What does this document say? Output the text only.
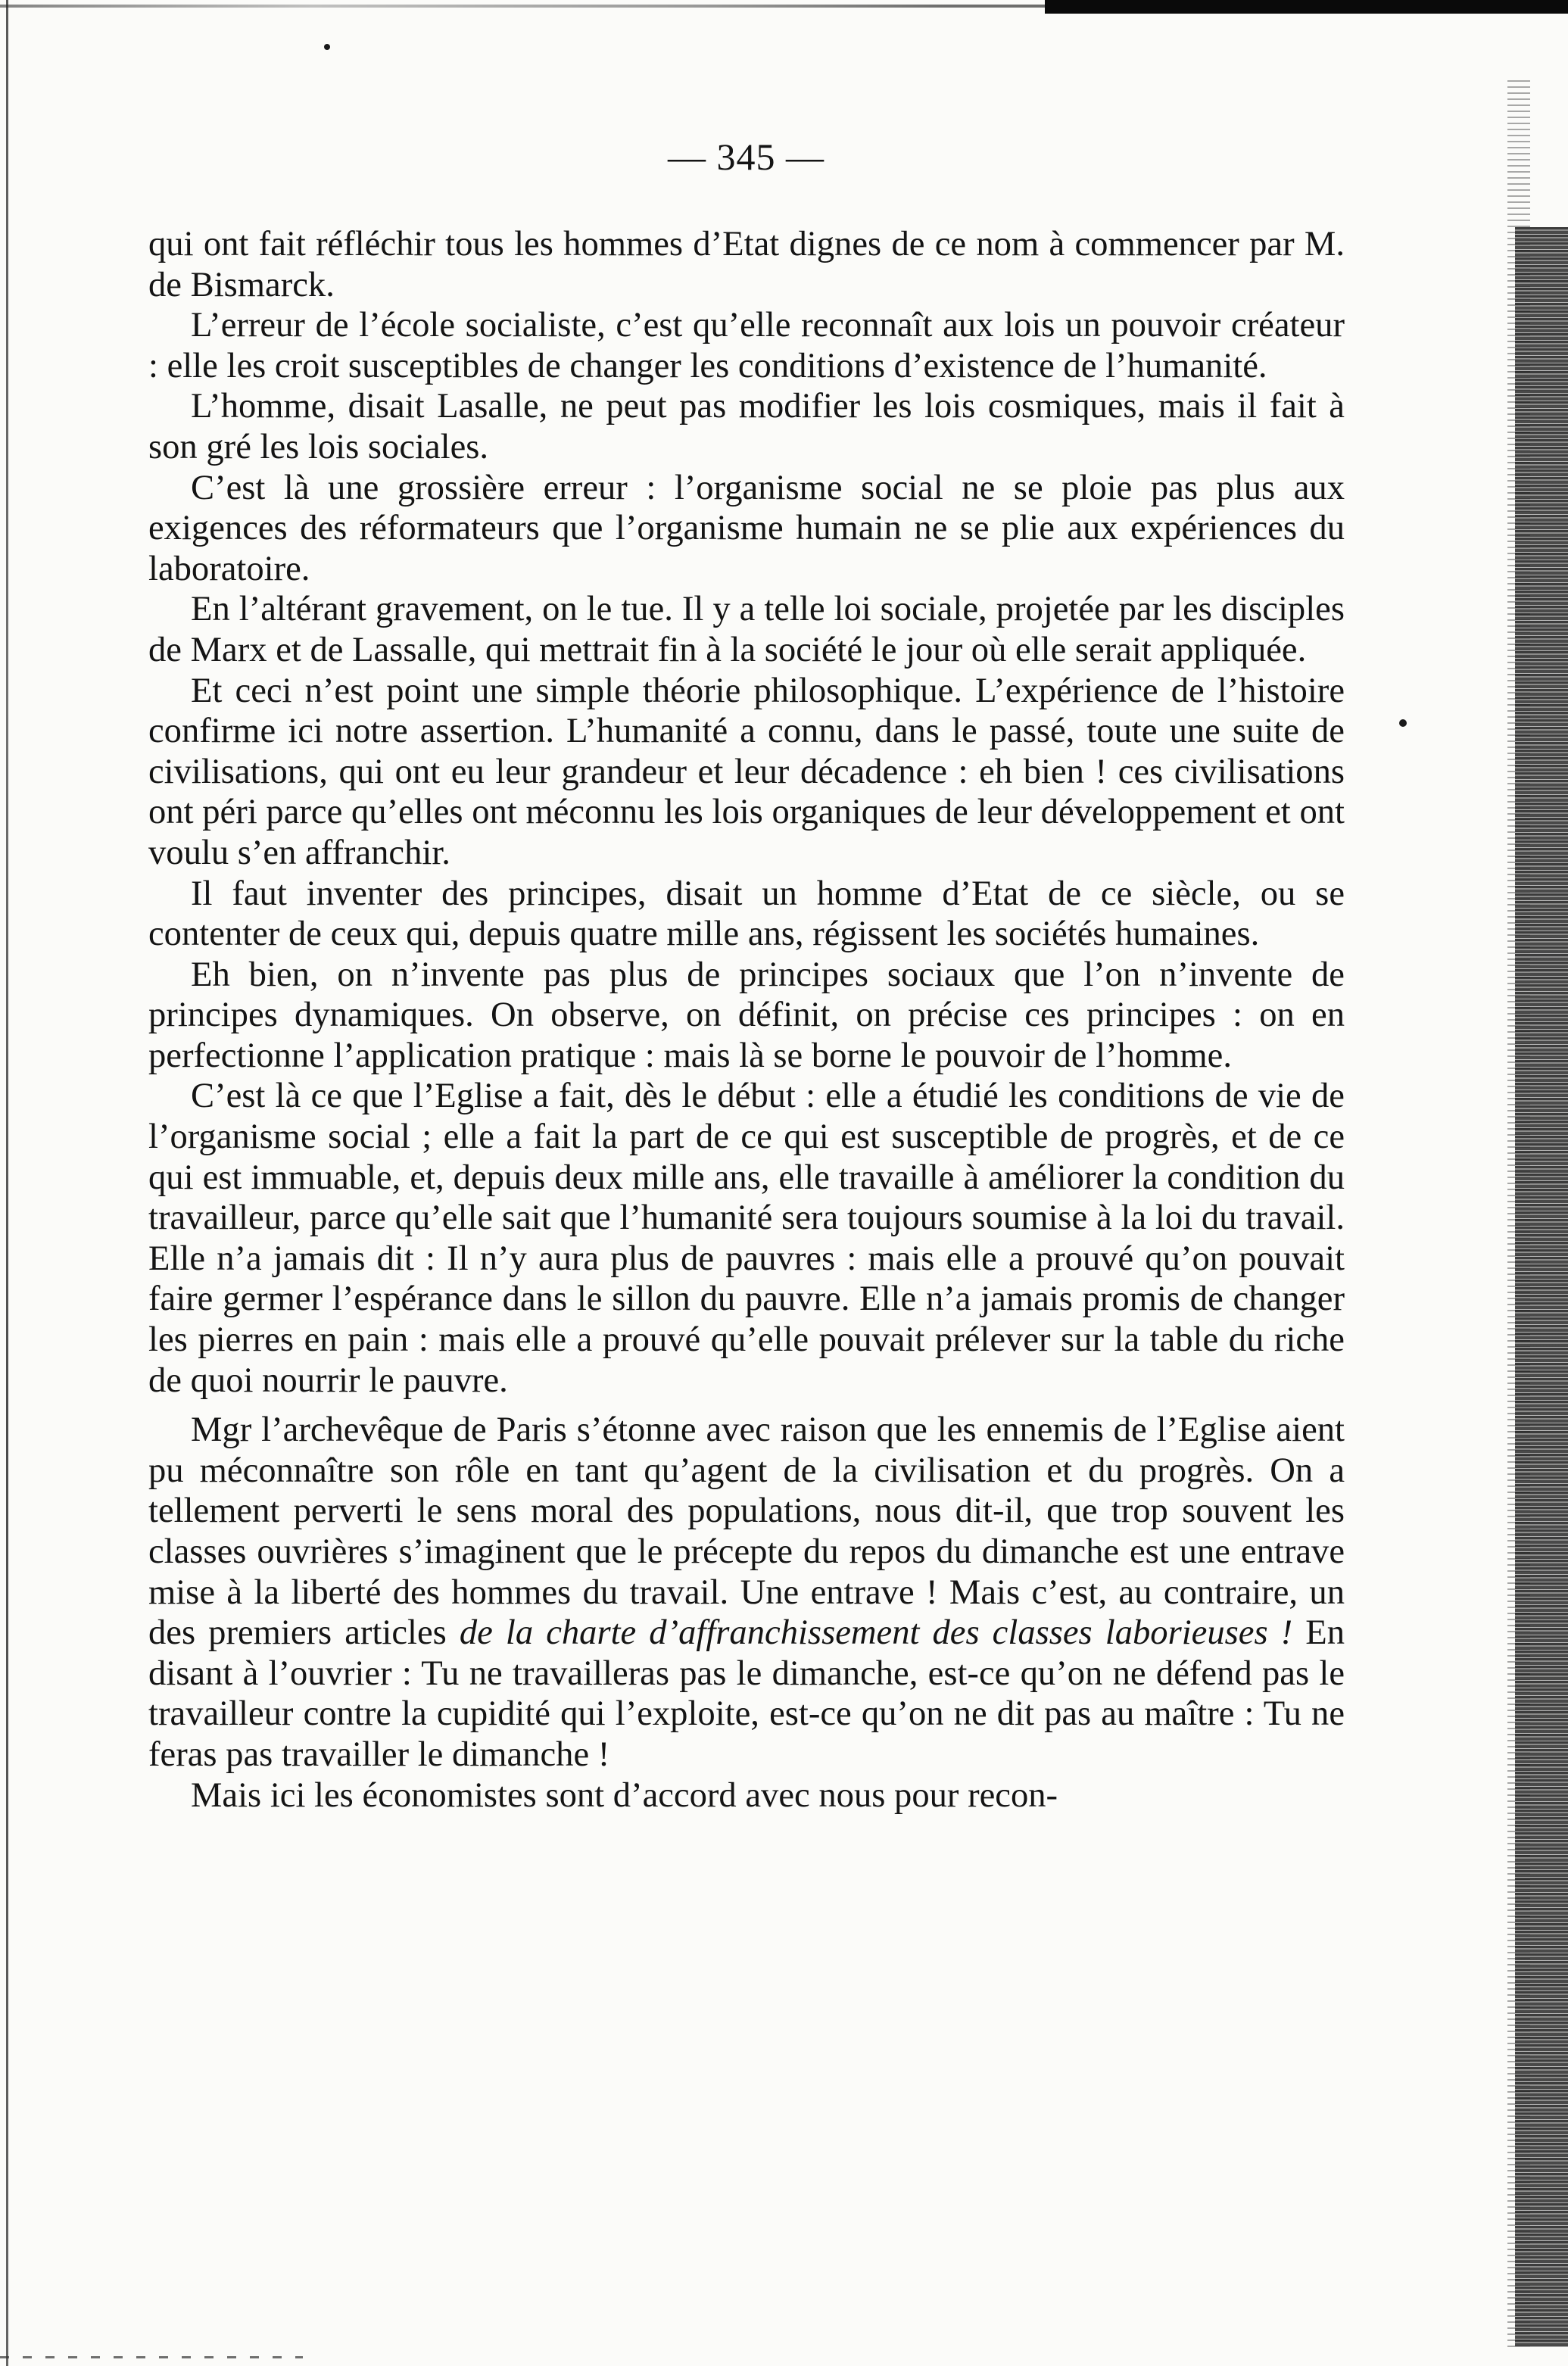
— 345 —

qui ont fait réfléchir tous les hommes d’Etat dignes de ce nom à commencer par M. de Bismarck.

L’erreur de l’école socialiste, c’est qu’elle reconnaît aux lois un pouvoir créateur : elle les croit susceptibles de changer les conditions d’existence de l’humanité.

L’homme, disait Lasalle, ne peut pas modifier les lois cosmiques, mais il fait à son gré les lois sociales.

C’est là une grossière erreur : l’organisme social ne se ploie pas plus aux exigences des réformateurs que l’organisme humain ne se plie aux expériences du laboratoire.

En l’altérant gravement, on le tue. Il y a telle loi sociale, projetée par les disciples de Marx et de Lassalle, qui mettrait fin à la société le jour où elle serait appliquée.

Et ceci n’est point une simple théorie philosophique. L’expérience de l’histoire confirme ici notre assertion. L’humanité a connu, dans le passé, toute une suite de civilisations, qui ont eu leur grandeur et leur décadence : eh bien ! ces civilisations ont péri parce qu’elles ont méconnu les lois organiques de leur développement et ont voulu s’en affranchir.

Il faut inventer des principes, disait un homme d’Etat de ce siècle, ou se contenter de ceux qui, depuis quatre mille ans, régissent les sociétés humaines.

Eh bien, on n’invente pas plus de principes sociaux que l’on n’invente de principes dynamiques. On observe, on définit, on précise ces principes : on en perfectionne l’application pratique : mais là se borne le pouvoir de l’homme.

C’est là ce que l’Eglise a fait, dès le début : elle a étudié les conditions de vie de l’organisme social ; elle a fait la part de ce qui est susceptible de progrès, et de ce qui est immuable, et, depuis deux mille ans, elle travaille à améliorer la condition du travailleur, parce qu’elle sait que l’humanité sera toujours soumise à la loi du travail. Elle n’a jamais dit : Il n’y aura plus de pauvres : mais elle a prouvé qu’on pouvait faire germer l’espérance dans le sillon du pauvre. Elle n’a jamais promis de changer les pierres en pain : mais elle a prouvé qu’elle pouvait prélever sur la table du riche de quoi nourrir le pauvre.

Mgr l’archevêque de Paris s’étonne avec raison que les ennemis de l’Eglise aient pu méconnaître son rôle en tant qu’agent de la civilisation et du progrès. On a tellement perverti le sens moral des populations, nous dit-il, que trop souvent les classes ouvrières s’imaginent que le précepte du repos du dimanche est une entrave mise à la liberté des hommes du travail. Une entrave ! Mais c’est, au contraire, un des premiers articles de la charte d’affranchissement des classes laborieuses ! En disant à l’ouvrier : Tu ne travailleras pas le dimanche, est-ce qu’on ne défend pas le travailleur contre la cupidité qui l’exploite, est-ce qu’on ne dit pas au maître : Tu ne feras pas travailler le dimanche !

Mais ici les économistes sont d’accord avec nous pour recon-
